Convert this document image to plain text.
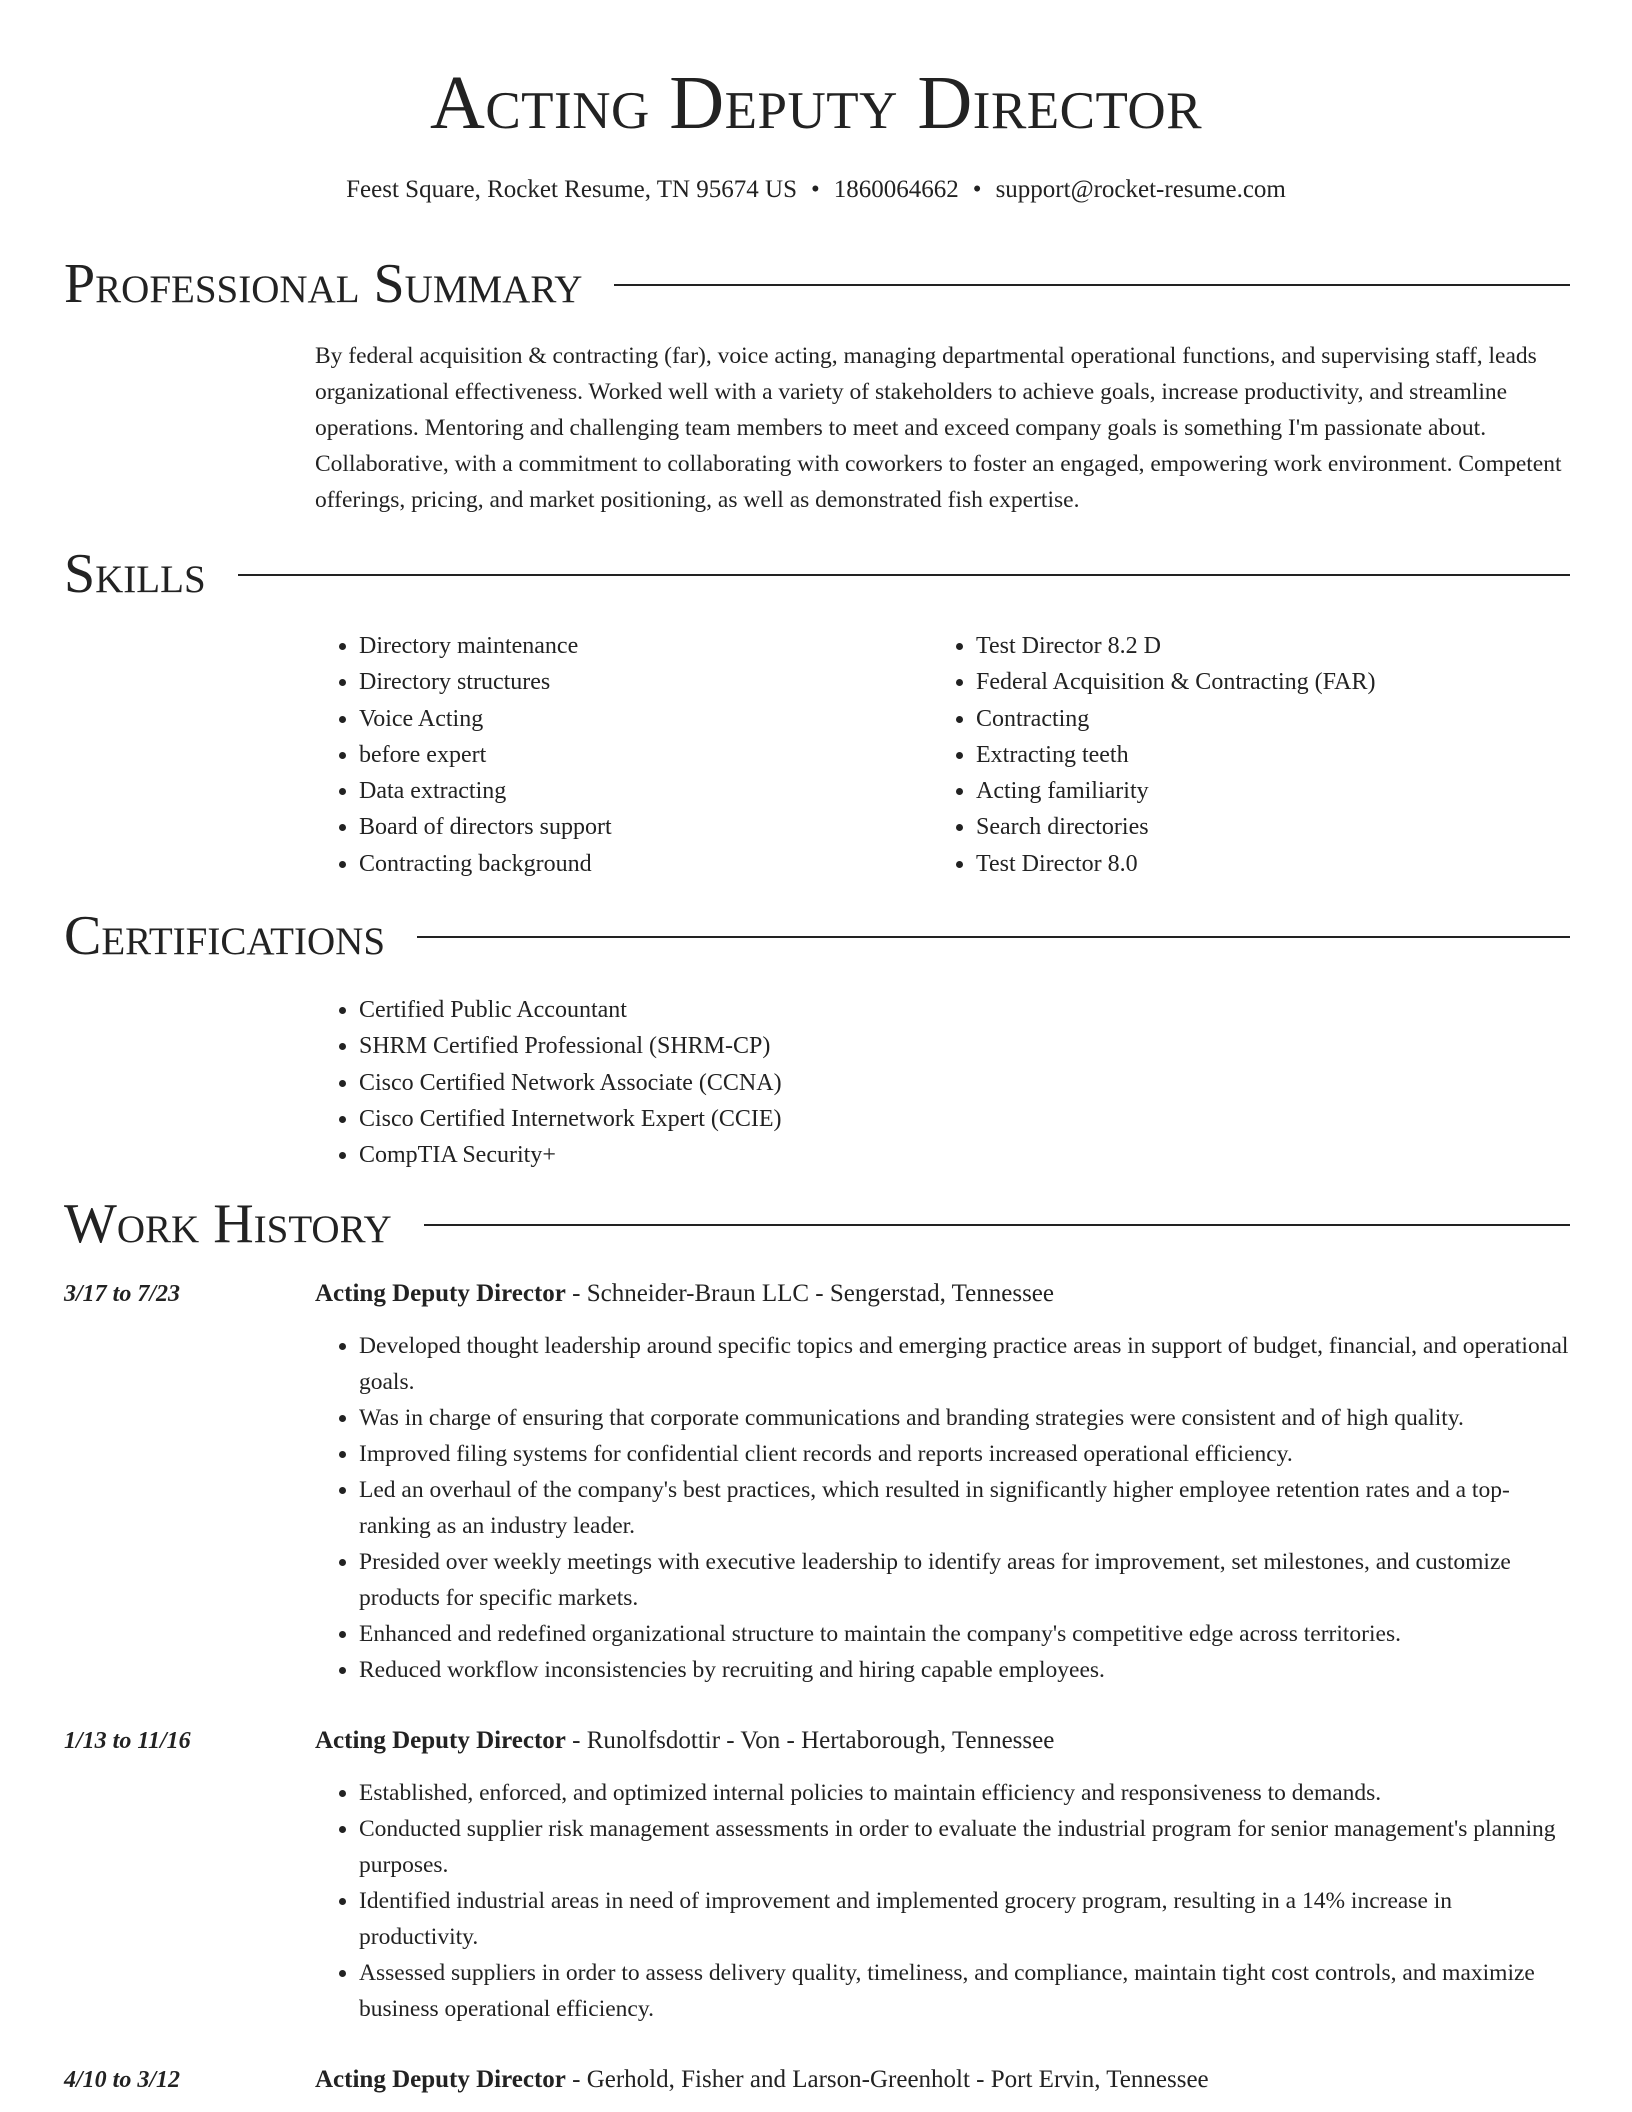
Acting Deputy Director
Feest Square, Rocket Resume, TN 95674 US • 1860064662 • support@rocket-resume.com
Professional Summary

By federal acquisition & contracting (far), voice acting, managing departmental operational functions, and supervising staff, leads organizational effectiveness. Worked well with a variety of stakeholders to achieve goals, increase productivity, and streamline operations. Mentoring and challenging team members to meet and exceed company goals is something I'm passionate about. Collaborative, with a commitment to collaborating with coworkers to foster an engaged, empowering work environment. Competent offerings, pricing, and market positioning, as well as demonstrated fish expertise.

Skills
• Directory maintenance
• Directory structures
• Voice Acting
• before expert
• Data extracting
• Board of directors support
• Contracting background
• Test Director 8.2 D
• Federal Acquisition & Contracting (FAR)
• Contracting
• Extracting teeth
• Acting familiarity
• Search directories
• Test Director 8.0
Certifications
• Certified Public Accountant
• SHRM Certified Professional (SHRM-CP)
• Cisco Certified Network Associate (CCNA)
• Cisco Certified Internetwork Expert (CCIE)
• CompTIA Security+
Work History
3/17 to 7/23	Acting Deputy Director - Schneider-Braun LLC - Sengerstad, Tennessee
• Developed thought leadership around specific topics and emerging practice areas in support of budget, financial, and operational goals.
• Was in charge of ensuring that corporate communications and branding strategies were consistent and of high quality.
• Improved filing systems for confidential client records and reports increased operational efficiency.
• Led an overhaul of the company's best practices, which resulted in significantly higher employee retention rates and a top-ranking as an industry leader.
• Presided over weekly meetings with executive leadership to identify areas for improvement, set milestones, and customize products for specific markets.
• Enhanced and redefined organizational structure to maintain the company's competitive edge across territories.
• Reduced workflow inconsistencies by recruiting and hiring capable employees.
1/13 to 11/16	Acting Deputy Director - Runolfsdottir - Von - Hertaborough, Tennessee
• Established, enforced, and optimized internal policies to maintain efficiency and responsiveness to demands.
• Conducted supplier risk management assessments in order to evaluate the industrial program for senior management's planning purposes.
• Identified industrial areas in need of improvement and implemented grocery program, resulting in a 14% increase in productivity.
• Assessed suppliers in order to assess delivery quality, timeliness, and compliance, maintain tight cost controls, and maximize business operational efficiency.
4/10 to 3/12	Acting Deputy Director - Gerhold, Fisher and Larson-Greenholt - Port Ervin, Tennessee
